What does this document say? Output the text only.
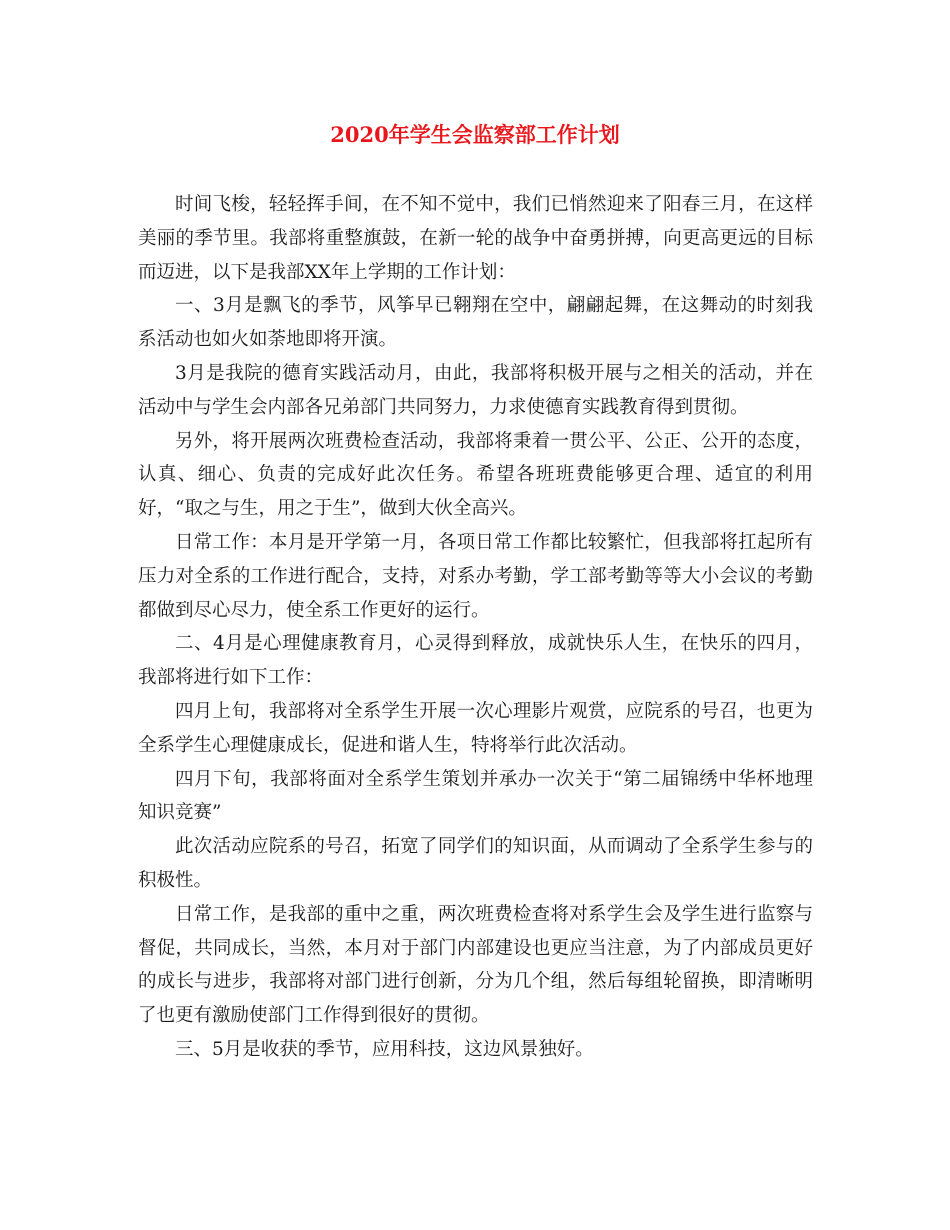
2020年学生会监察部工作计划

时间飞梭，轻轻挥手间，在不知不觉中，我们已悄然迎来了阳春三月，在这样美丽的季节里。我部将重整旗鼓，在新一轮的战争中奋勇拼搏，向更高更远的目标而迈进，以下是我部XX年上学期的工作计划：

一、3月是飘飞的季节，风筝早已翱翔在空中，翩翩起舞，在这舞动的时刻我系活动也如火如荼地即将开演。

3月是我院的德育实践活动月，由此，我部将积极开展与之相关的活动，并在活动中与学生会内部各兄弟部门共同努力，力求使德育实践教育得到贯彻。

另外，将开展两次班费检查活动，我部将秉着一贯公平、公正、公开的态度，认真、细心、负责的完成好此次任务。希望各班班费能够更合理、适宜的利用好，“取之与生，用之于生”，做到大伙全高兴。

日常工作：本月是开学第一月，各项日常工作都比较繁忙，但我部将扛起所有压力对全系的工作进行配合，支持，对系办考勤，学工部考勤等等大小会议的考勤都做到尽心尽力，使全系工作更好的运行。

二、4月是心理健康教育月，心灵得到释放，成就快乐人生，在快乐的四月，我部将进行如下工作：

四月上旬，我部将对全系学生开展一次心理影片观赏，应院系的号召，也更为全系学生心理健康成长，促进和谐人生，特将举行此次活动。

四月下旬，我部将面对全系学生策划并承办一次关于“第二届锦绣中华杯地理知识竞赛”

此次活动应院系的号召，拓宽了同学们的知识面，从而调动了全系学生参与的积极性。

日常工作，是我部的重中之重，两次班费检查将对系学生会及学生进行监察与督促，共同成长，当然，本月对于部门内部建设也更应当注意，为了内部成员更好的成长与进步，我部将对部门进行创新，分为几个组，然后每组轮留换，即清晰明了也更有激励使部门工作得到很好的贯彻。

三、5月是收获的季节，应用科技，这边风景独好。
